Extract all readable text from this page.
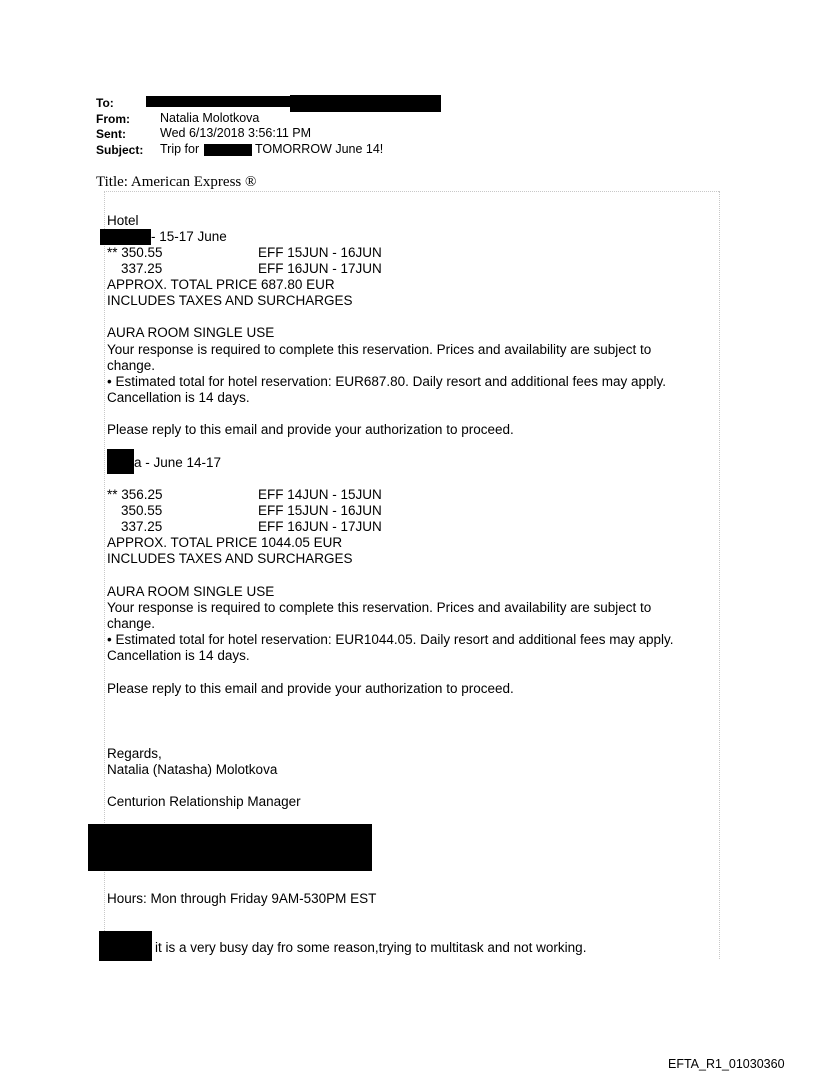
To:
From: Natalia Molotkova
Sent:	Wed 6/13/2018 3:56:11 PM
Subject: Trip for	TOMORROW June 14!
Title: American Express ®
Hotel
- 15-17 June
** 350.55	EFF 15JUN - 16JUN
337.25	EFF 16JUN - 17JUN
APPROX. TOTAL PRICE 687.80 EUR
INCLUDES TAXES AND SURCHARGES
AURA ROOM SINGLE USE
Your response is required to complete this reservation. Prices and availability are subject to
change.
• Estimated total for hotel reservation: EUR687.80. Daily resort and additional fees may apply.
Cancellation is 14 days.
Please reply to this email and provide your authorization to proceed.
a - June 14-17
** 356.25	EFF 14JUN - 15JUN
350.55	EFF 15JUN - 16JUN
337.25	EFF 16JUN - 17JUN
APPROX. TOTAL PRICE 1044.05 EUR
INCLUDES TAXES AND SURCHARGES
AURA ROOM SINGLE USE
Your response is required to complete this reservation. Prices and availability are subject to
change.
• Estimated total for hotel reservation: EUR1044.05. Daily resort and additional fees may apply.
Cancellation is 14 days.
Please reply to this email and provide your authorization to proceed.
Regards,
Natalia (Natasha) Molotkova
Centurion Relationship Manager
Hours: Mon through Friday 9AM-530PM EST
it is a very busy day fro some reason,trying to multitask and not working.
EFTA_R1_01030360
